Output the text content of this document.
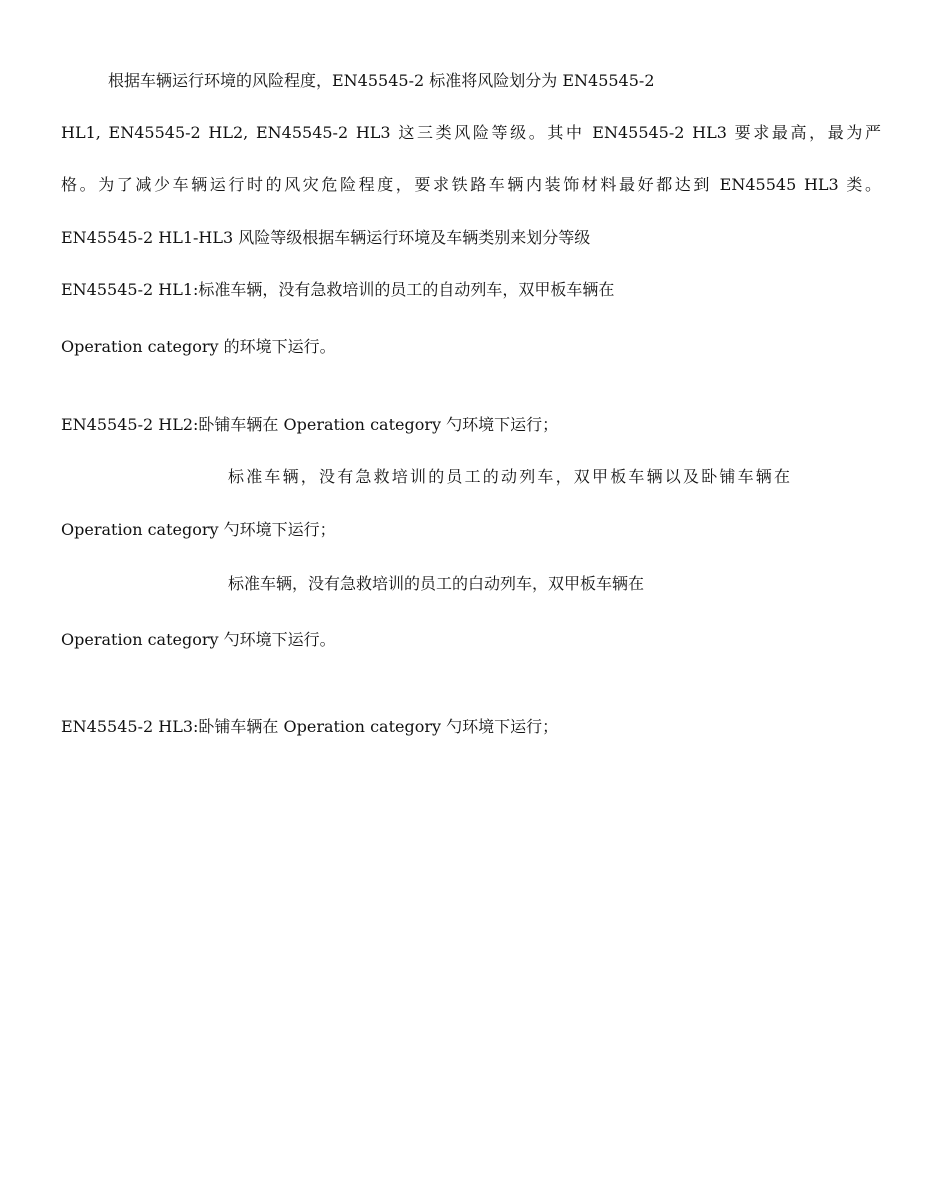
根据车辆运行环境的风险程度，EN45545-2 标准将风险划分为 EN45545-2
HL1, EN45545-2 HL2, EN45545-2 HL3 这三类风险等级。其中 EN45545-2 HL3 要求最高，最为严
格。为了减少车辆运行时的风灾危险程度，要求铁路车辆内装饰材料最好都达到 EN45545 HL3 类。
EN45545-2 HL1-HL3 风险等级根据车辆运行环境及车辆类别来划分等级
EN45545-2 HL1:标准车辆，没有急救培训的员工的自动列车，双甲板车辆在
Operation category 的环境下运行。
EN45545-2 HL2:卧铺车辆在 Operation category 勺环境下运行；
标准车辆，没有急救培训的员工的动列车，双甲板车辆以及卧铺车辆在
Operation category 勺环境下运行；
标准车辆，没有急救培训的员工的白动列车，双甲板车辆在
Operation category 勺环境下运行。
EN45545-2 HL3:卧铺车辆在 Operation category 勺环境下运行；
